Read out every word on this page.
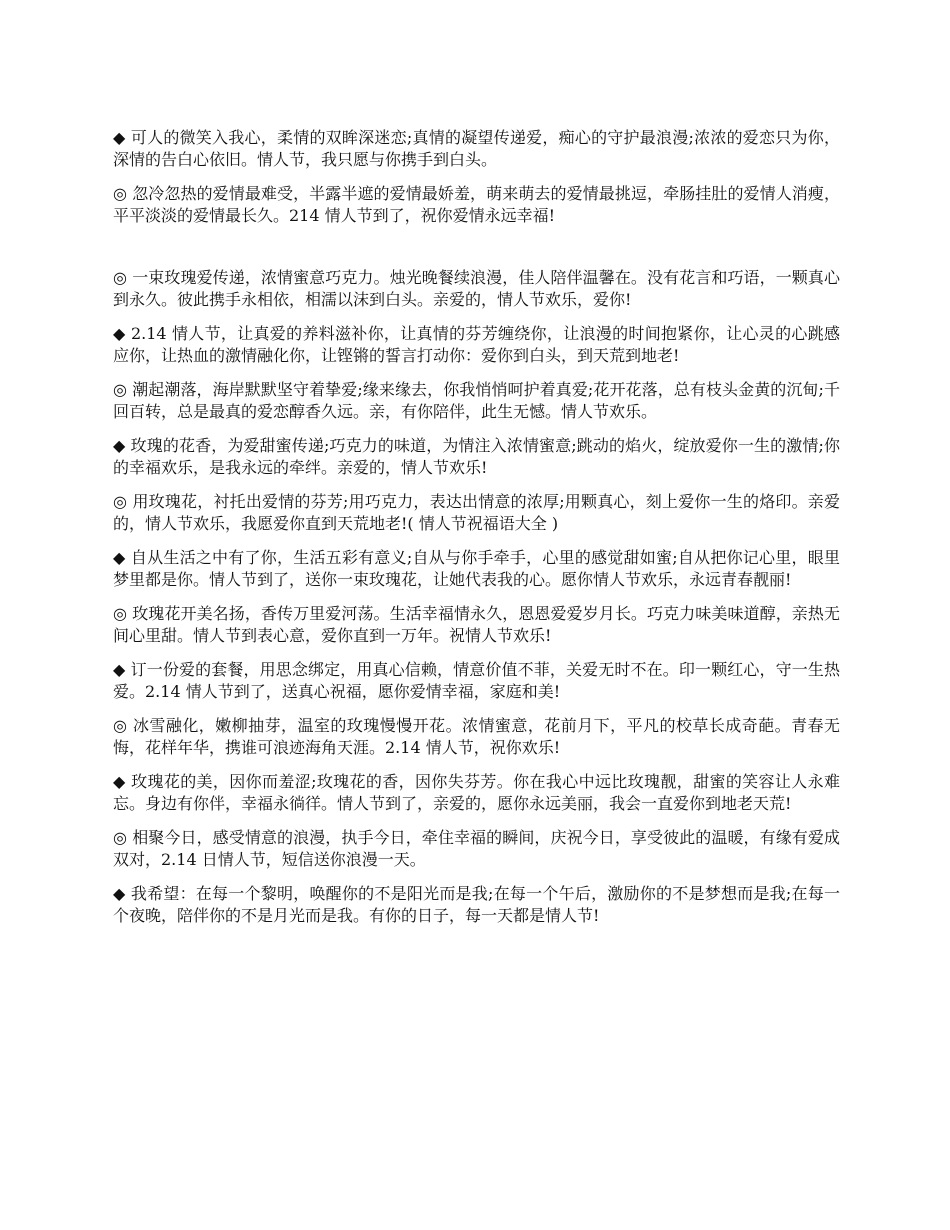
◆ 可人的微笑入我心，柔情的双眸深迷恋;真情的凝望传递爱，痴心的守护最浪漫;浓浓的爱恋只为你，深情的告白心依旧。情人节，我只愿与你携手到白头。

◎ 忽冷忽热的爱情最难受，半露半遮的爱情最娇羞，萌来萌去的爱情最挑逗，牵肠挂肚的爱情人消瘦，平平淡淡的爱情最长久。214 情人节到了，祝你爱情永远幸福!

◎ 一束玫瑰爱传递，浓情蜜意巧克力。烛光晚餐续浪漫，佳人陪伴温馨在。没有花言和巧语，一颗真心到永久。彼此携手永相依，相濡以沫到白头。亲爱的，情人节欢乐，爱你!

◆ 2.14 情人节，让真爱的养料滋补你，让真情的芬芳缠绕你，让浪漫的时间抱紧你，让心灵的心跳感应你，让热血的激情融化你，让铿锵的誓言打动你：爱你到白头，到天荒到地老!

◎ 潮起潮落，海岸默默坚守着挚爱;缘来缘去，你我悄悄呵护着真爱;花开花落，总有枝头金黄的沉甸;千回百转，总是最真的爱恋醇香久远。亲，有你陪伴，此生无憾。情人节欢乐。

◆ 玫瑰的花香，为爱甜蜜传递;巧克力的味道，为情注入浓情蜜意;跳动的焰火，绽放爱你一生的激情;你的幸福欢乐，是我永远的牵绊。亲爱的，情人节欢乐!

◎ 用玫瑰花，衬托出爱情的芬芳;用巧克力，表达出情意的浓厚;用颗真心，刻上爱你一生的烙印。亲爱的，情人节欢乐，我愿爱你直到天荒地老!( 情人节祝福语大全 )

◆ 自从生活之中有了你，生活五彩有意义;自从与你手牵手，心里的感觉甜如蜜;自从把你记心里，眼里梦里都是你。情人节到了，送你一束玫瑰花，让她代表我的心。愿你情人节欢乐，永远青春靓丽!

◎ 玫瑰花开美名扬，香传万里爱河荡。生活幸福情永久，恩恩爱爱岁月长。巧克力味美味道醇，亲热无间心里甜。情人节到表心意，爱你直到一万年。祝情人节欢乐!

◆ 订一份爱的套餐，用思念绑定，用真心信赖，情意价值不菲，关爱无时不在。印一颗红心，守一生热爱。2.14 情人节到了，送真心祝福，愿你爱情幸福，家庭和美!

◎ 冰雪融化，嫩柳抽芽，温室的玫瑰慢慢开花。浓情蜜意，花前月下，平凡的校草长成奇葩。青春无悔，花样年华，携谁可浪迹海角天涯。2.14 情人节，祝你欢乐!

◆ 玫瑰花的美，因你而羞涩;玫瑰花的香，因你失芬芳。你在我心中远比玫瑰靓，甜蜜的笑容让人永难忘。身边有你伴，幸福永徜徉。情人节到了，亲爱的，愿你永远美丽，我会一直爱你到地老天荒!

◎ 相聚今日，感受情意的浪漫，执手今日，牵住幸福的瞬间，庆祝今日，享受彼此的温暖，有缘有爱成双对，2.14 日情人节，短信送你浪漫一天。

◆ 我希望：在每一个黎明，唤醒你的不是阳光而是我;在每一个午后，激励你的不是梦想而是我;在每一个夜晚，陪伴你的不是月光而是我。有你的日子，每一天都是情人节!
